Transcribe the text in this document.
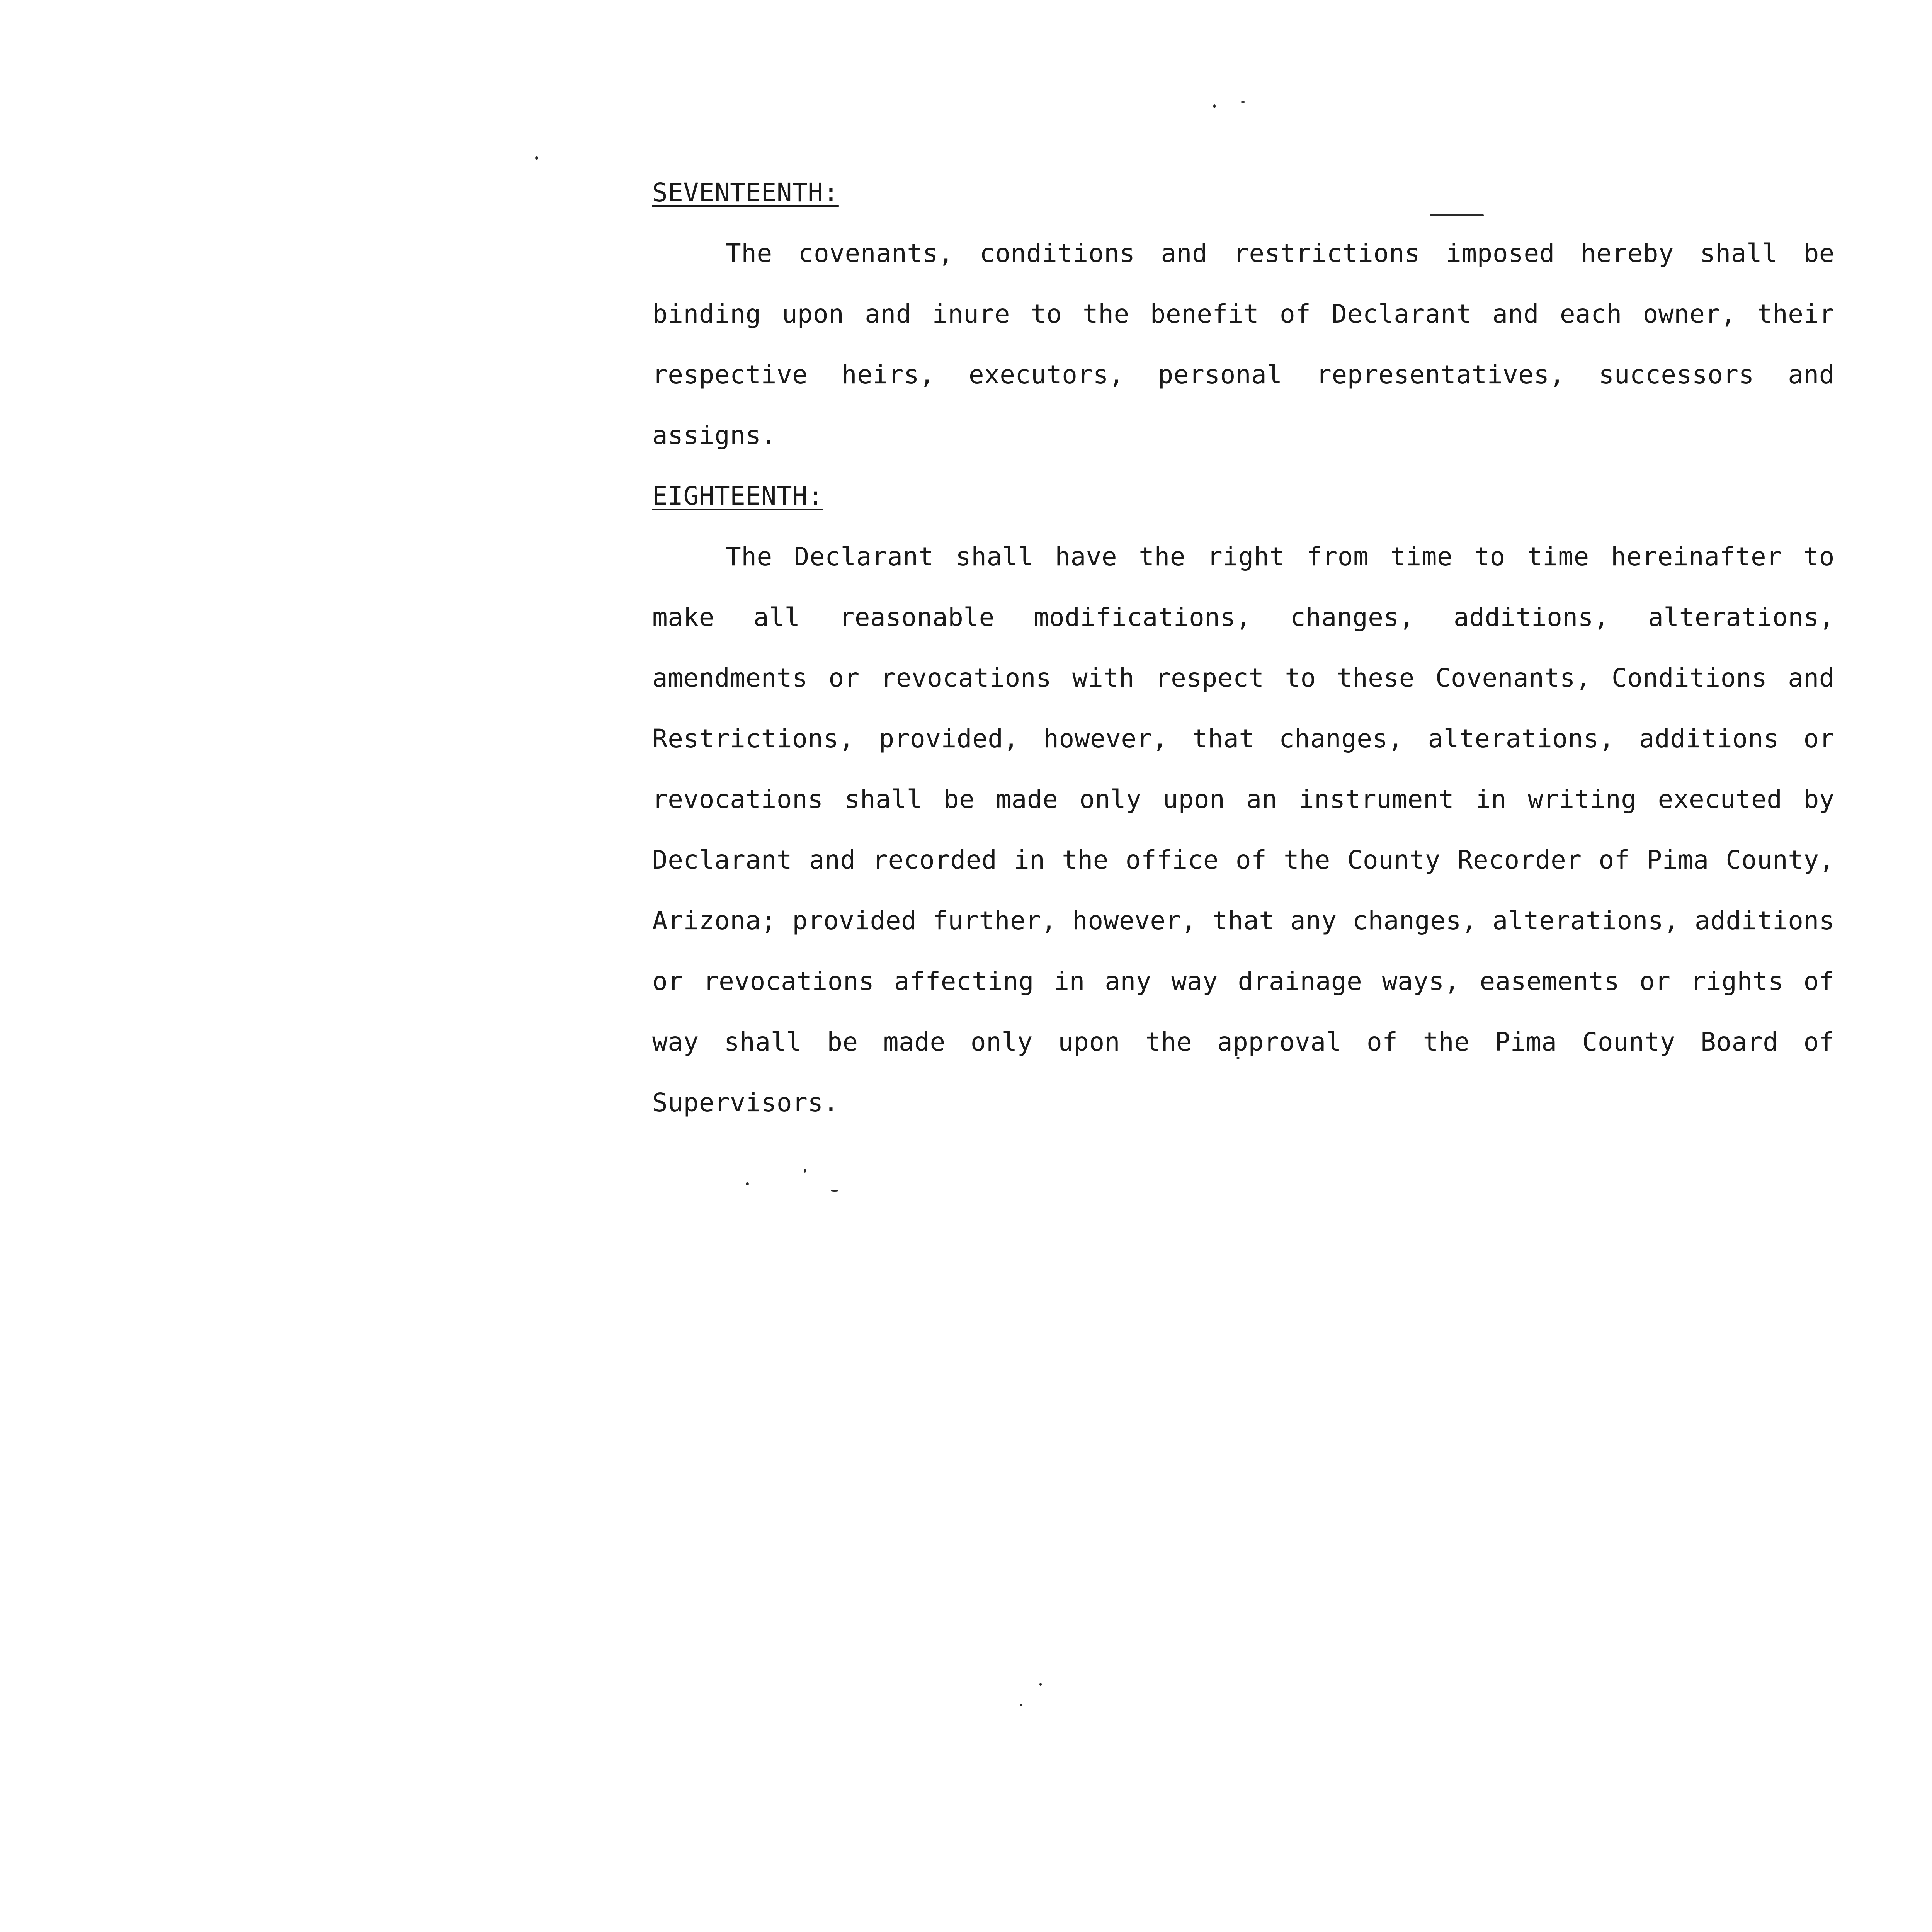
SEVENTEENTH:

The covenants, conditions and restrictions imposed hereby shall be binding upon and inure to the benefit of Declarant and each owner, their respective heirs, executors, personal representatives, successors and assigns.

EIGHTEENTH:

The Declarant shall have the right from time to time hereinafter to make all reasonable modifications, changes, additions, alterations, amendments or revocations with respect to these Covenants, Conditions and Restrictions, provided, however, that changes, alterations, additions or revocations shall be made only upon an instrument in writing executed by Declarant and recorded in the office of the County Recorder of Pima County, Arizona; provided further, however, that any changes, alterations, additions or revocations affecting in any way drainage ways, easements or rights of way shall be made only upon the approval of the Pima County Board of Supervisors.
